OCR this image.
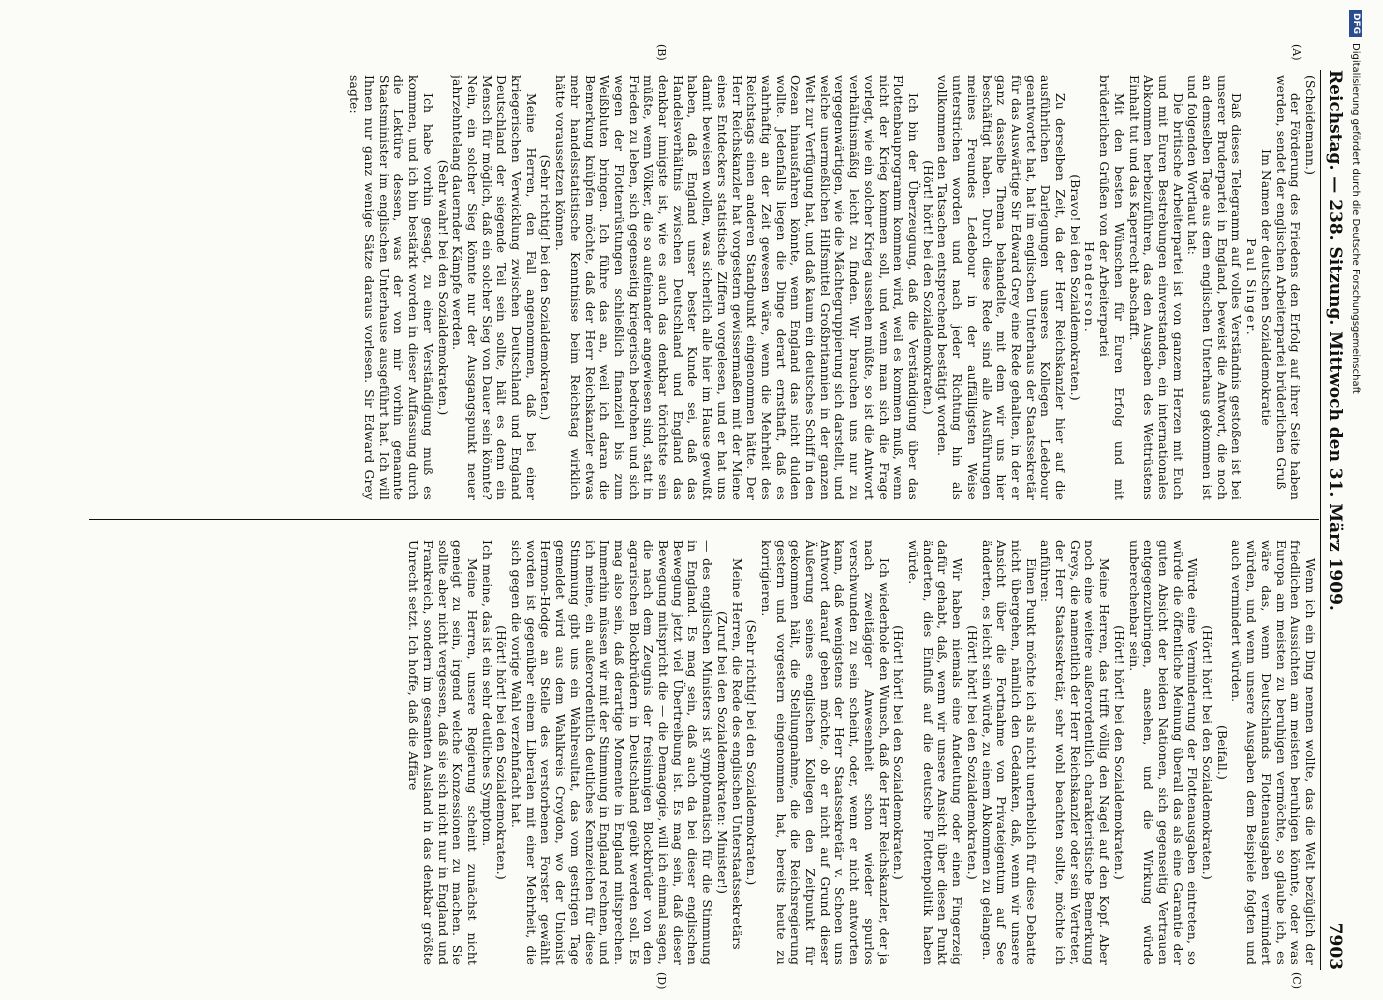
Reichstag. — 238. Sitzung.
Mittwoch den 31. März 1909.  7903
(A)
(B)
(C)
(D)

(Scheidemann.)

der Förderung des Friedens den Erfolg auf ihrer Seite haben werden, sendet der englischen Arbeiterpartei brüderlichen Gruß

Im Namen der deutschen Sozialdemokratie

Paul Singer.

Daß dieses Telegramm auf volles Verständnis gestoßen ist bei unserer Bruderpartei in England, beweist die Antwort, die noch an demselben Tage aus dem englischen Unterhaus gekommen ist und folgenden Wortlaut hat:

Die britische Arbeiterpartei ist von ganzem Herzen mit Euch und mit Euren Bestrebungen einverstanden, ein internationales Abkommen herbeizuführen, das den Ausgaben des Wettrüstens Einhalt tut und das Kaperrecht abschafft.

Mit den besten Wünschen für Euren Erfolg und mit brüderlichen Grüßen von der Arbeiterpartei

Henderson.

(Bravo! bei den Sozialdemokraten.)

Zu derselben Zeit, da der Herr Reichskanzler hier auf die ausführlichen Darlegungen unseres Kollegen Ledebour geantwortet hat, hat im englischen Unterhaus der Staatssekretär für das Auswärtige Sir Edward Grey eine Rede gehalten, in der er ganz dasselbe Thema behandelte, mit dem wir uns hier beschäftigt haben. Durch diese Rede sind alle Ausführungen meines Freundes Ledebour in der auffälligsten Weise unterstrichen worden und nach jeder Richtung hin als vollkommen den Tatsachen entsprechend bestätigt worden.

(Hört! hört! bei den Sozialdemokraten.)

Ich bin der Überzeugung, daß die Verständigung über das Flottenbauprogramm kommen wird, weil es kommen muß, wenn nicht der Krieg kommen soll, und wenn man sich die Frage vorlegt, wie ein solcher Krieg aussehen müßte, so ist die Antwort verhältnismäßig leicht zu finden. Wir brauchen uns nur zu vergegenwärtigen, wie die Mächtegruppierung sich darstellt, und welche unermeßlichen Hilfsmittel Großbritannien in der ganzen Welt zur Verfügung hat, und daß kaum ein deutsches Schiff in den Ozean hinausfahren könnte, wenn England das nicht dulden wollte. Jedenfalls liegen die Dinge derart ernsthaft, daß es wahrhaftig an der Zeit gewesen wäre, wenn die Mehrheit des Reichstags einen anderen Standpunkt eingenommen hätte. Der Herr Reichskanzler hat vorgestern gewissermaßen mit der Miene eines Entdeckers statistische Ziffern vorgelesen, und er hat uns damit beweisen wollen, was sicherlich alle hier im Hause gewußt haben, daß England unser bester Kunde sei, daß das Handelsverhältnis zwischen Deutschland und England das denkbar innigste ist, wie es auch das denkbar törichtste sein müßte, wenn Völker, die so aufeinander angewiesen sind, statt in Frieden zu leben, sich gegenseitig kriegerisch bedrohen und sich wegen der Flottenrüstungen schließlich finanziell bis zum Weißbluten bringen. Ich führe das an, weil ich daran die Bemerkung knüpfen möchte, daß der Herr Reichskanzler etwas mehr handelsstatistische Kenntnisse beim Reichstag wirklich hätte voraussetzen können.

(Sehr richtig! bei den Sozialdemokraten.)

Meine Herren, den Fall angenommen, daß bei einer kriegerischen Verwicklung zwischen Deutschland und England Deutschland der siegende Teil sein sollte, hält es denn ein Mensch für möglich, daß ein solcher Sieg von Dauer sein könnte? Nein, ein solcher Sieg könnte nur der Ausgangspunkt neuer jahrzehntelang dauernder Kämpfe werden.

(Sehr wahr! bei den Sozialdemokraten.)

Ich habe vorhin gesagt, zu einer Verständigung muß es kommen, und ich bin bestärkt worden in dieser Auffassung durch die Lektüre dessen, was der von mir vorhin genannte Staatsminister im englischen Unterhause ausgeführt hat. Ich will Ihnen nur ganz wenige Sätze daraus vorlesen. Sir Edward Grey sagte:

Wenn ich ein Ding nennen wollte, das die Welt bezüglich der friedlichen Aussichten am meisten beruhigen könnte, oder was Europa am meisten zu beruhigen vermöchte, so glaube ich, es wäre das, wenn Deutschlands Flottenausgaben vermindert würden, und wenn unsere Ausgaben dem Beispiele folgten und auch vermindert würden.

(Beifall.)

(Hört! hört! bei den Sozialdemokraten.)

Würde eine Verminderung der Flottenausgaben eintreten, so würde die öffentliche Meinung überall das als eine Garantie der guten Absicht der beiden Nationen, sich gegenseitig Vertrauen entgegenzubringen, ansehen, und die Wirkung würde unberechenbar sein.

(Hört! hört! bei den Sozialdemokraten.)

Meine Herren, das trifft völlig den Nagel auf den Kopf. Aber noch eine weitere außerordentlich charakteristische Bemerkung Greys, die namentlich der Herr Reichskanzler oder sein Vertreter, der Herr Staatssekretär, sehr wohl beachten sollte, möchte ich anführen:

Einen Punkt möchte ich als nicht unerheblich für diese Debatte nicht übergehen, nämlich den Gedanken, daß, wenn wir unsere Ansicht über die Fortnahme von Privateigentum auf See änderten, es leicht sein würde, zu einem Abkommen zu gelangen.

(Hört! hört! bei den Sozialdemokraten.)

Wir haben niemals eine Andeutung oder einen Fingerzeig dafür gehabt, daß, wenn wir unsere Ansicht über diesen Punkt änderten, dies Einfluß auf die deutsche Flottenpolitik haben würde.

(Hört! hört! bei den Sozialdemokraten.)

Ich wiederhole den Wunsch, daß der Herr Reichskanzler, der ja nach zweitägiger Anwesenheit schon wieder spurlos verschwunden zu sein scheint, oder, wenn er nicht antworten kann, daß wenigstens der Herr Staatssekretär v. Schoen uns Antwort darauf geben möchte, ob er nicht auf Grund dieser Äußerung seines englischen Kollegen den Zeitpunkt für gekommen hält, die Stellungnahme, die die Reichsregierung gestern und vorgestern eingenommen hat, bereits heute zu korrigieren.

(Sehr richtig! bei den Sozialdemokraten.)

Meine Herren, die Rede des englischen Unterstaatssekretärs

(Zuruf bei den Sozialdemokraten: Minister!)

— des englischen Ministers ist symptomatisch für die Stimmung in England. Es mag sein, daß auch da bei dieser englischen Bewegung jetzt viel Übertreibung ist. Es mag sein, daß dieser Bewegung mitspricht die — die Demagogie, will ich einmal sagen, die nach dem Zeugnis der freisinnigen Blockbrüder von den agrarischen Blockbrüdern in Deutschland geübt werden soll. Es mag also sein, daß derartige Momente in England mitsprechen. Immerhin müssen wir mit der Stimmung in England rechnen, und ich meine, ein außerordentlich deutliches Kennzeichen für diese Stimmung gibt uns ein Wahlresultat, das vom gestrigen Tage gemeldet wird aus dem Wahlkreis Croydon, wo der Unionist Hermon-Hodge an Stelle des verstorbenen Forster gewählt worden ist gegenüber einem Liberalen mit einer Mehrheit, die sich gegen die vorige Wahl verzehnfacht hat.

(Hört! hört! bei den Sozialdemokraten.)

Ich meine, das ist ein sehr deutliches Symptom.

Meine Herren, unsere Regierung scheint zunächst nicht geneigt zu sein, irgend welche Konzessionen zu machen. Sie sollte aber nicht vergessen, daß sie sich nicht nur in England und Frankreich, sondern im gesamten Ausland in das denkbar größte Unrecht setzt. Ich hoffe, daß die Affäre

DFGDigitalisierung gefördert durch die Deutsche Forschungsgemeinschaft
